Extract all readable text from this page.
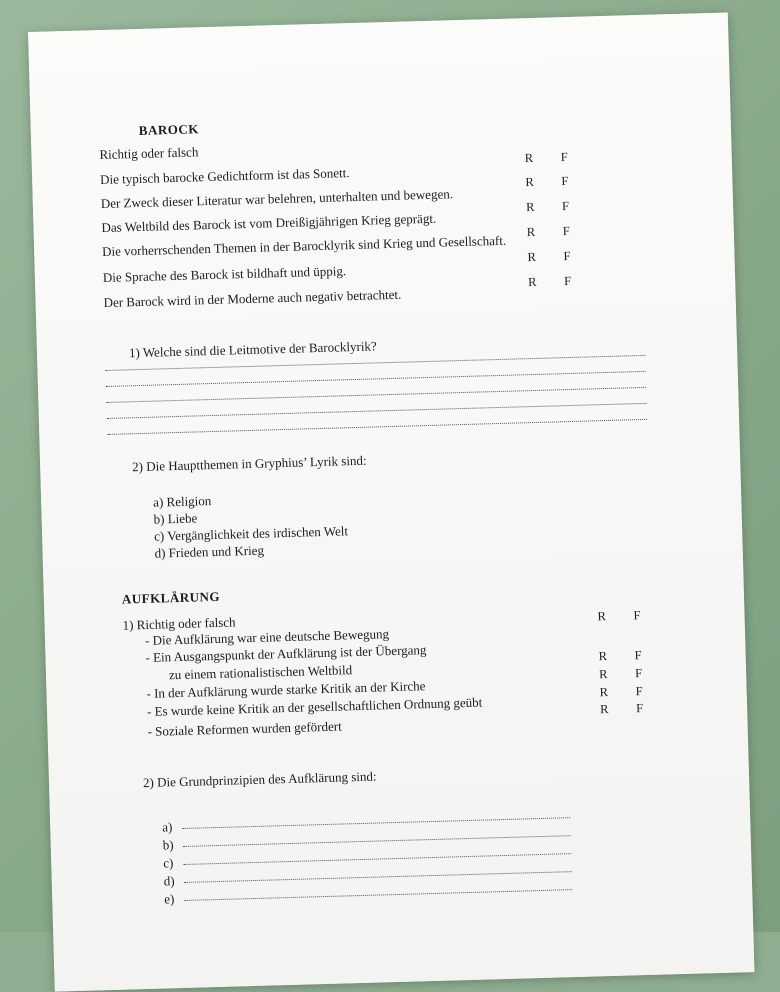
BAROCK
Richtig oder falsch
Die typisch barocke Gedichtform ist das Sonett.
Der Zweck dieser Literatur war belehren, unterhalten und bewegen.
Das Weltbild des Barock ist vom Dreißigjährigen Krieg geprägt.
Die vorherrschenden Themen in der Barocklyrik sind Krieg und Gesellschaft.
Die Sprache des Barock ist bildhaft und üppig.
Der Barock wird in der Moderne auch negativ betrachtet.
R F
R F
R F
R F
R F
R F
1) Welche sind die Leitmotive der Barocklyrik?
2) Die Hauptthemen in Gryphius’ Lyrik sind:
a) Religion
b) Liebe
c) Vergänglichkeit des irdischen Welt
d) Frieden und Krieg
AUFKLÄRUNG
1) Richtig oder falsch
- Die Aufklärung war eine deutsche Bewegung
- Ein Ausgangspunkt der Aufklärung ist der Übergang
zu einem rationalistischen Weltbild
- In der Aufklärung wurde starke Kritik an der Kirche
- Es wurde keine Kritik an der gesellschaftlichen Ordnung geübt
- Soziale Reformen wurden gefördert
R F
R F
R F
R F
R F
2) Die Grundprinzipien des Aufklärung sind:
a)
b)
c)
d)
e)
